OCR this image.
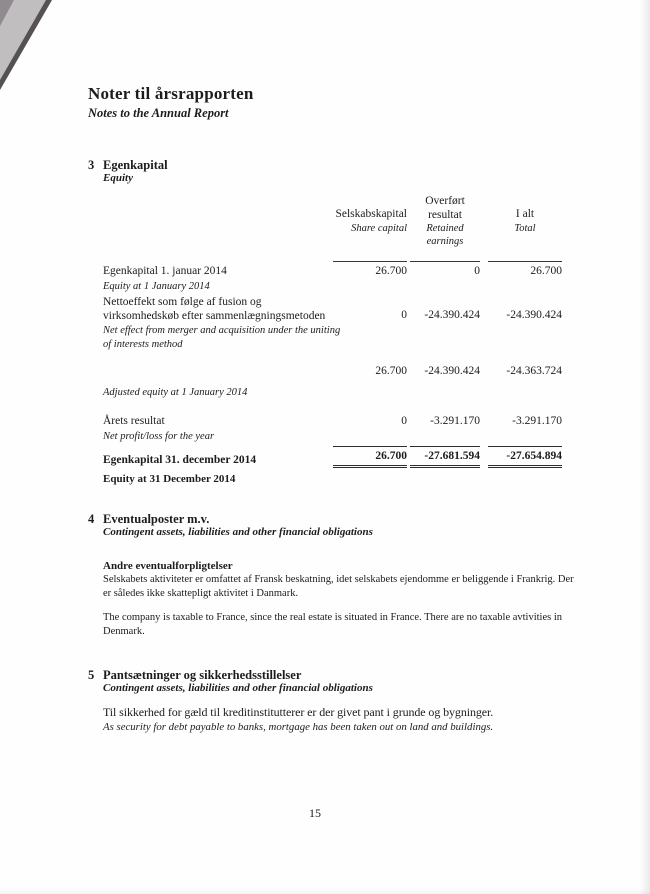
Noter til årsrapporten
Notes to the Annual Report
3 Egenkapital
Equity
Selskabskapital
Share capital
Overført resultat
Retained earnings
I alt
Total
Egenkapital 1. januar 2014	26.700	0	26.700
Equity at 1 January 2014
Nettoeffekt som følge af fusion og virksomhedskøb efter sammenlægningsmetoden	0	-24.390.424	-24.390.424
Net effect from merger and acquisition under the uniting of interests method
26.700	-24.390.424	-24.363.724
Adjusted equity at 1 January 2014
Årets resultat	0	-3.291.170	-3.291.170
Net profit/loss for the year
Egenkapital 31. december 2014	26.700	-27.681.594	-27.654.894
Equity at 31 December 2014
4 Eventualposter m.v.
Contingent assets, liabilities and other financial obligations
Andre eventualforpligtelser
Selskabets aktiviteter er omfattet af Fransk beskatning, idet selskabets ejendomme er beliggende i Frankrig. Der er således ikke skattepligt aktivitet i Danmark.
The company is taxable to France, since the real estate is situated in France. There are no taxable avtivities in Denmark.
5 Pantsætninger og sikkerhedsstillelser
Contingent assets, liabilities and other financial obligations
Til sikkerhed for gæld til kreditinstitutterer er der givet pant i grunde og bygninger.
As security for debt payable to banks, mortgage has been taken out on land and buildings.
15
